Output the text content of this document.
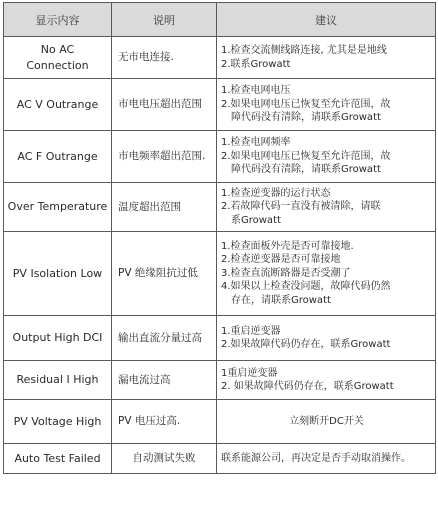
显示内容	说明	建议

No AC
Connection	无市电连接.	1.检查交流侧线路连接, 尤其是是地线
2.联系Growatt

AC V Outrange	市电电压超出范围	1.检查电网电压
2.如果电网电压已恢复至允许范围，故
障代码没有清除，请联系Growatt

AC F Outrange	市电频率超出范围.	1.检查电网频率
2.如果电网电压已恢复至允许范围，故
障代码没有清除，请联系Growatt

Over Temperature	温度超出范围	1.检查逆变器的运行状态
2.若故障代码一直没有被清除，请联
系Growatt

PV Isolation Low	PV 绝缘阻抗过低	1.检查面板外壳是否可靠接地.
2.检查逆变器是否可靠接地
3.检查直流断路器是否受潮了
4.如果以上检查没问题，故障代码仍然
存在，请联系Growatt

Output High DCI	输出直流分量过高	1.重启逆变器
2.如果故障代码仍存在，联系Growatt

Residual I High	漏电流过高	1重启逆变器
2. 如果故障代码仍存在，联系Growatt

PV Voltage High	PV 电压过高.	立刻断开DC开关

Auto Test Failed	自动测试失败	联系能源公司，再决定是否手动取消操作。
